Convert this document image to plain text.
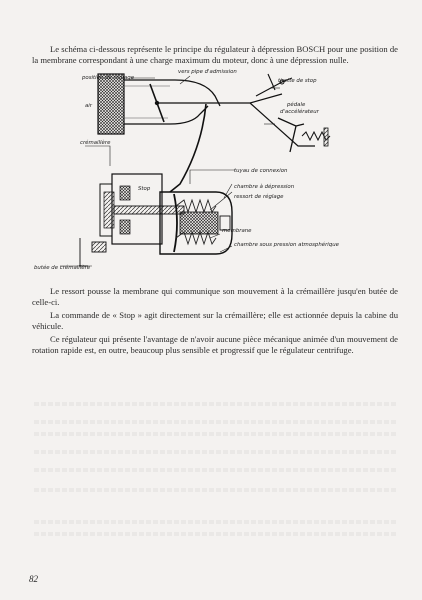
Le schéma ci-dessous représente le principe du régulateur à dépression BOSCH pour une position de la membrane correspondant à une charge maximum du moteur, donc à une dépression nulle.

position de réglage
vers pipe d'admission
tirette de stop
pédale
d'accélérateur
air
crémaillère
tuyau de connexion
Stop	chambre à dépression
ressort de réglage
membrane
chambre sous pression atmosphérique
butée de crémaillère

Le ressort pousse la membrane qui communique son mouvement à la crémaillère jusqu'en butée de celle-ci.

La commande de « Stop » agit directement sur la crémaillère; elle est actionnée depuis la cabine du véhicule.

Ce régulateur qui présente l'avantage de n'avoir aucune pièce mécanique animée d'un mouvement de rotation rapide est, en outre, beaucoup plus sensible et progressif que le régulateur centrifuge.

82
